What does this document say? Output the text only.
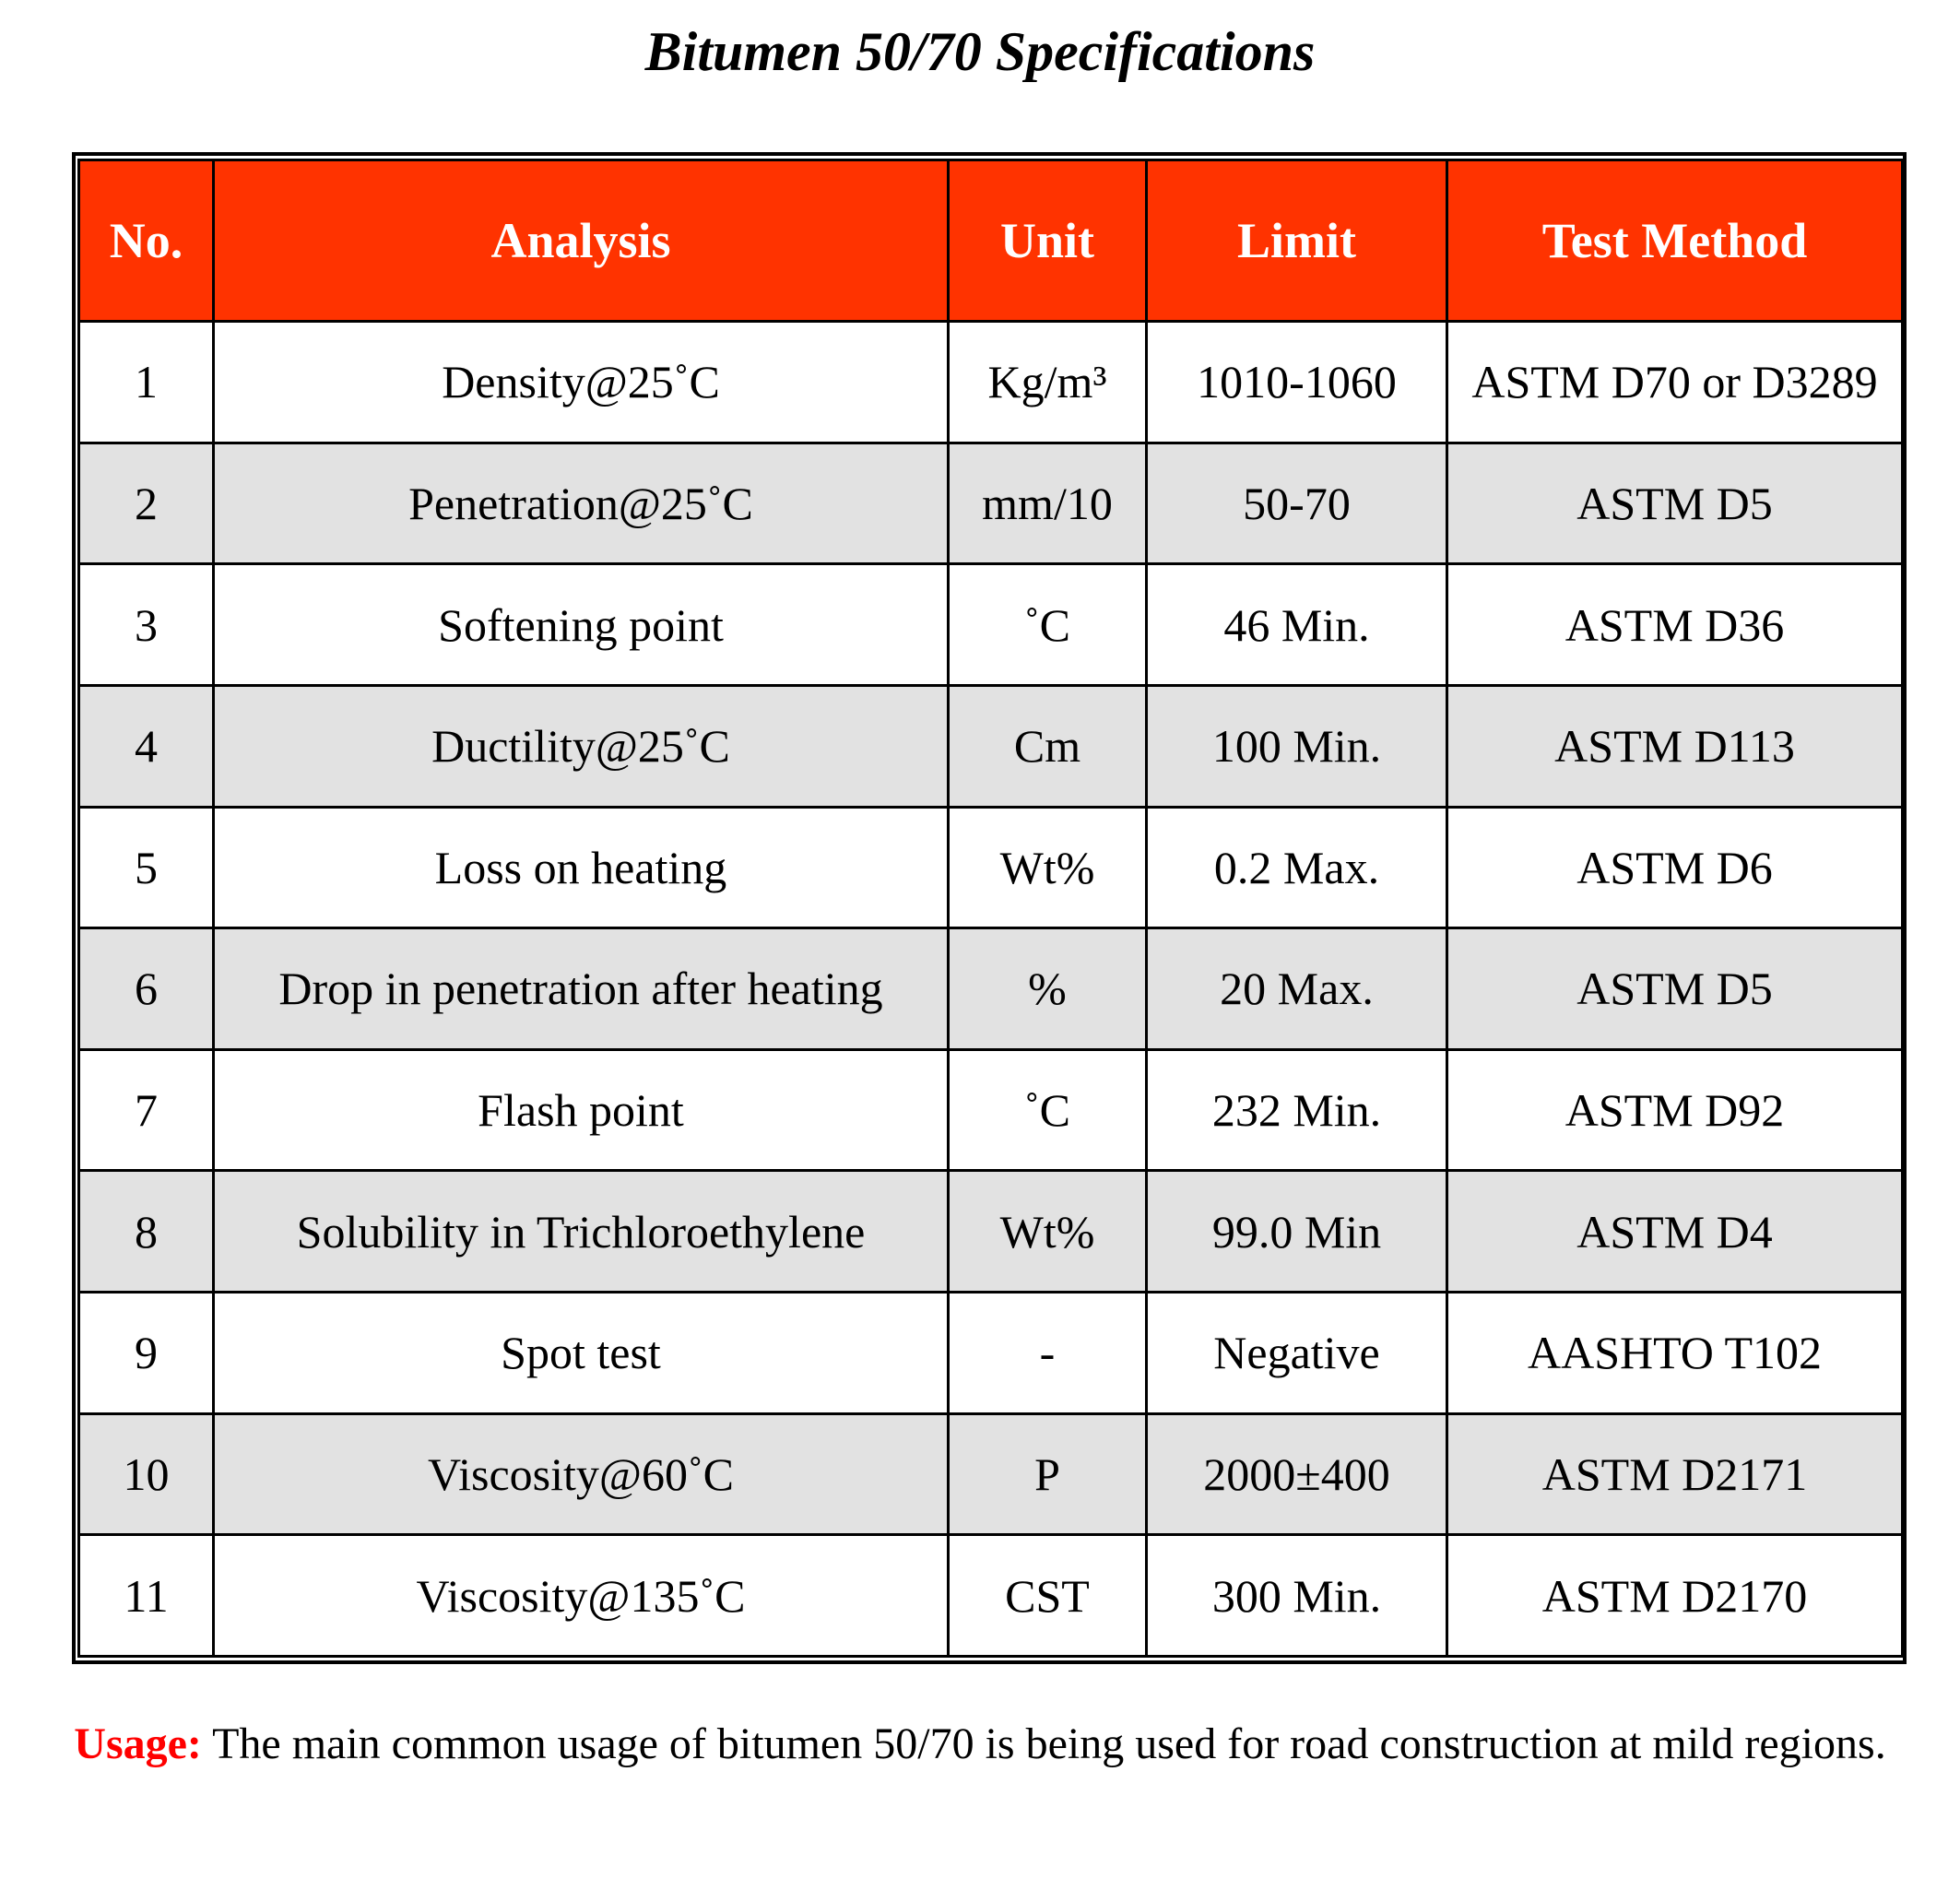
Bitumen 50/70 Specifications
No.	Analysis	Unit	Limit	Test Method
1	Density@25˚C	Kg/m³	1010-1060	ASTM D70 or D3289
2	Penetration@25˚C	mm/10	50-70	ASTM D5
3	Softening point	˚C	46 Min.	ASTM D36
4	Ductility@25˚C	Cm	100 Min.	ASTM D113
5	Loss on heating	Wt%	0.2 Max.	ASTM D6
6	Drop in penetration after heating	%	20 Max.	ASTM D5
7	Flash point	˚C	232 Min.	ASTM D92
8	Solubility in Trichloroethylene	Wt%	99.0 Min	ASTM D4
9	Spot test	-	Negative	AASHTO T102
10	Viscosity@60˚C	P	2000±400	ASTM D2171
11	Viscosity@135˚C	CST	300 Min.	ASTM D2170
Usage: The main common usage of bitumen 50/70 is being used for road construction at mild regions.
